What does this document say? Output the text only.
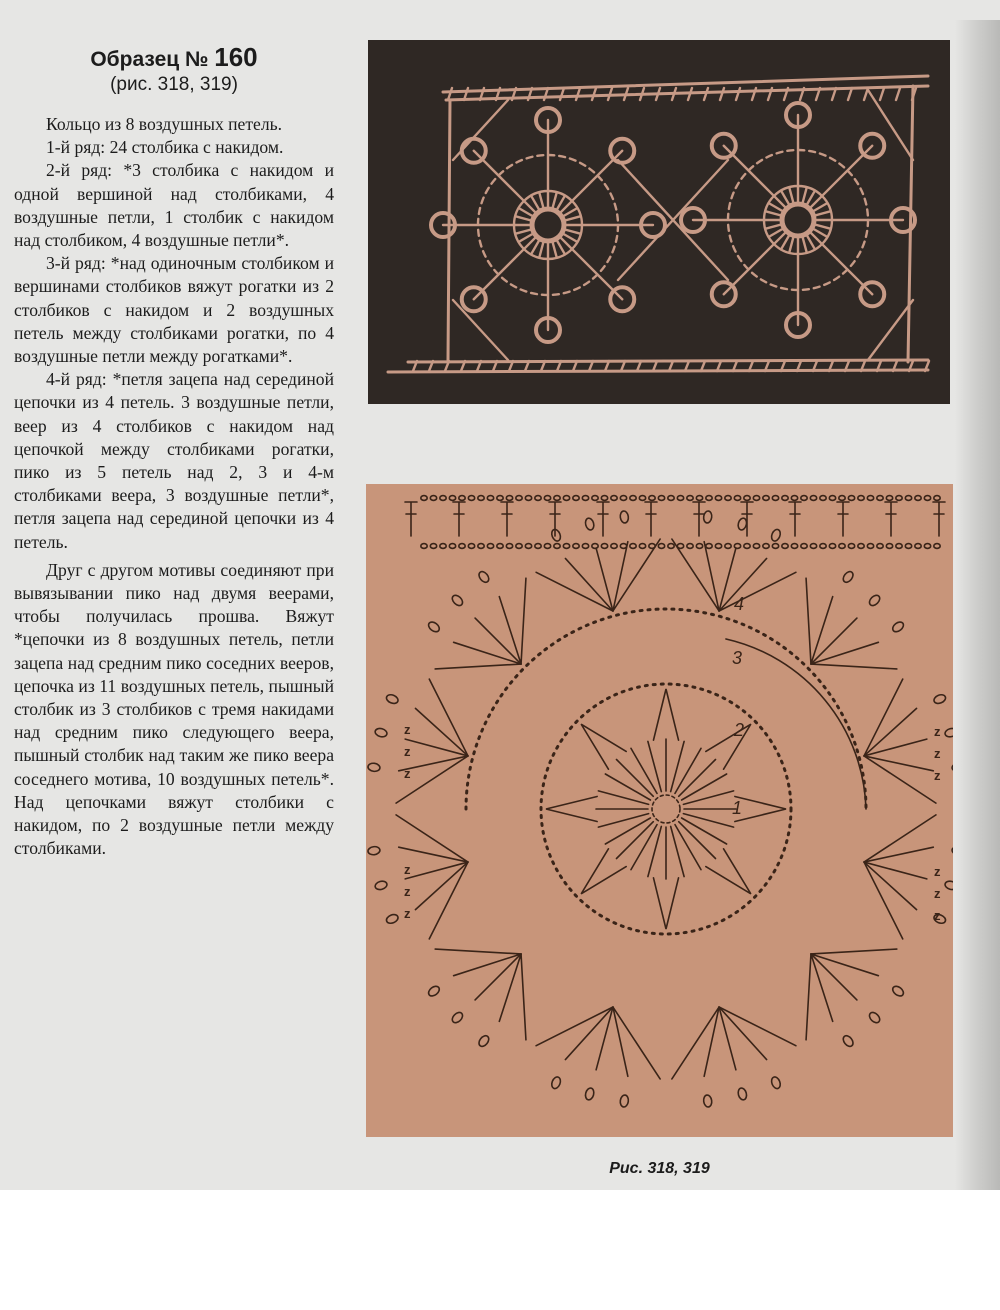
Образец № 160
(рис. 318, 319)

Кольцо из 8 воздушных петель.

1-й ряд: 24 столбика с накидом.

2-й ряд: *3 столбика с накидом и одной вершиной над столбиками, 4 воздушные петли, 1 столбик с накидом над столбиком, 4 воздушные петли*.

3-й ряд: *над одиночным столбиком и вершинами столбиков вяжут рогатки из 2 столбиков с накидом и 2 воздушных петель между столбиками рогатки, по 4 воздушные петли между рогатками*.

4-й ряд: *петля зацепа над серединой цепочки из 4 петель. 3 воздушные петли, веер из 4 столбиков с накидом над цепочкой между столбиками рогатки, пико из 5 петель над 2, 3 и 4-м столбиками веера, 3 воздушные петли*, петля зацепа над серединой цепочки из 4 петель.

Друг с другом мотивы соединяют при вывязывании пико над двумя веерами, чтобы получилась прошва. Вяжут *цепочки из 8 воздушных петель, петли зацепа над средним пико соседних вееров, цепочка из 11 воздушных петель, пышный столбик из 3 столбиков с тремя накидами над средним пико следующего веера, пышный столбик над таким же пико веера соседнего мотива, 10 воздушных петель*. Над цепочками вяжут столбики с накидом, по 2 воздушные петли между столбиками.

1
2
3
4
z
z
z
z
z
z
z
z
z
z
z
z
Рис. 318, 319
